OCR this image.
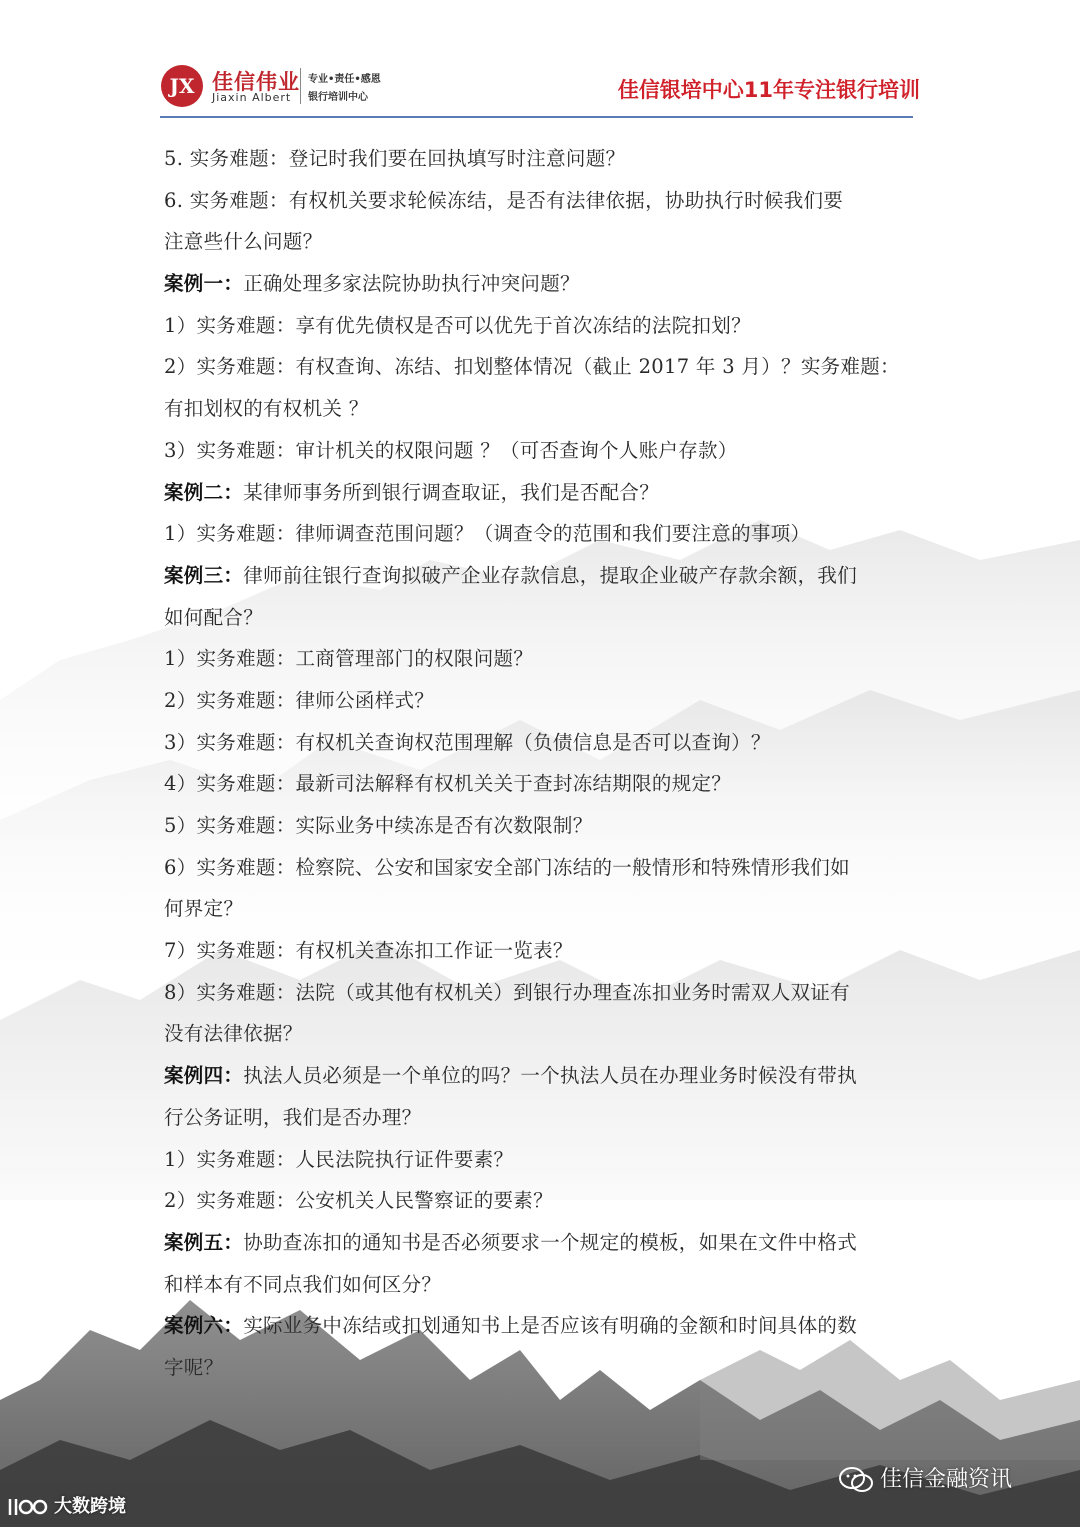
JX 佳信伟业
Jiaxin Albert
专业•责任•感恩
银行培训中心	佳信银培中心11年专注银行培训
5. 实务难题：登记时我们要在回执填写时注意问题？
6. 实务难题：有权机关要求轮候冻结，是否有法律依据，协助执行时候我们要
注意些什么问题？
案例一：正确处理多家法院协助执行冲突问题？
1）实务难题：享有优先债权是否可以优先于首次冻结的法院扣划？
2）实务难题：有权查询、冻结、扣划整体情况（截止 2017 年 3 月）？实务难题：
有扣划权的有权机关 ？
3）实务难题：审计机关的权限问题 ？（可否查询个人账户存款）
案例二：某律师事务所到银行调查取证，我们是否配合？
1）实务难题：律师调查范围问题？（调查令的范围和我们要注意的事项）
案例三：律师前往银行查询拟破产企业存款信息，提取企业破产存款余额，我们
如何配合？
1）实务难题：工商管理部门的权限问题？
2）实务难题：律师公函样式？
3）实务难题：有权机关查询权范围理解（负债信息是否可以查询）？
4）实务难题：最新司法解释有权机关关于查封冻结期限的规定？
5）实务难题：实际业务中续冻是否有次数限制？
6）实务难题：检察院、公安和国家安全部门冻结的一般情形和特殊情形我们如
何界定？
7）实务难题：有权机关查冻扣工作证一览表？
8）实务难题：法院（或其他有权机关）到银行办理查冻扣业务时需双人双证有
没有法律依据？
案例四：执法人员必须是一个单位的吗？一个执法人员在办理业务时候没有带执
行公务证明，我们是否办理？
1）实务难题：人民法院执行证件要素？
2）实务难题：公安机关人民警察证的要素？
案例五：协助查冻扣的通知书是否必须要求一个规定的模板，如果在文件中格式
和样本有不同点我们如何区分？
案例六：实际业务中冻结或扣划通知书上是否应该有明确的金额和时间具体的数
字呢？
佳信金融资讯
大数跨境
